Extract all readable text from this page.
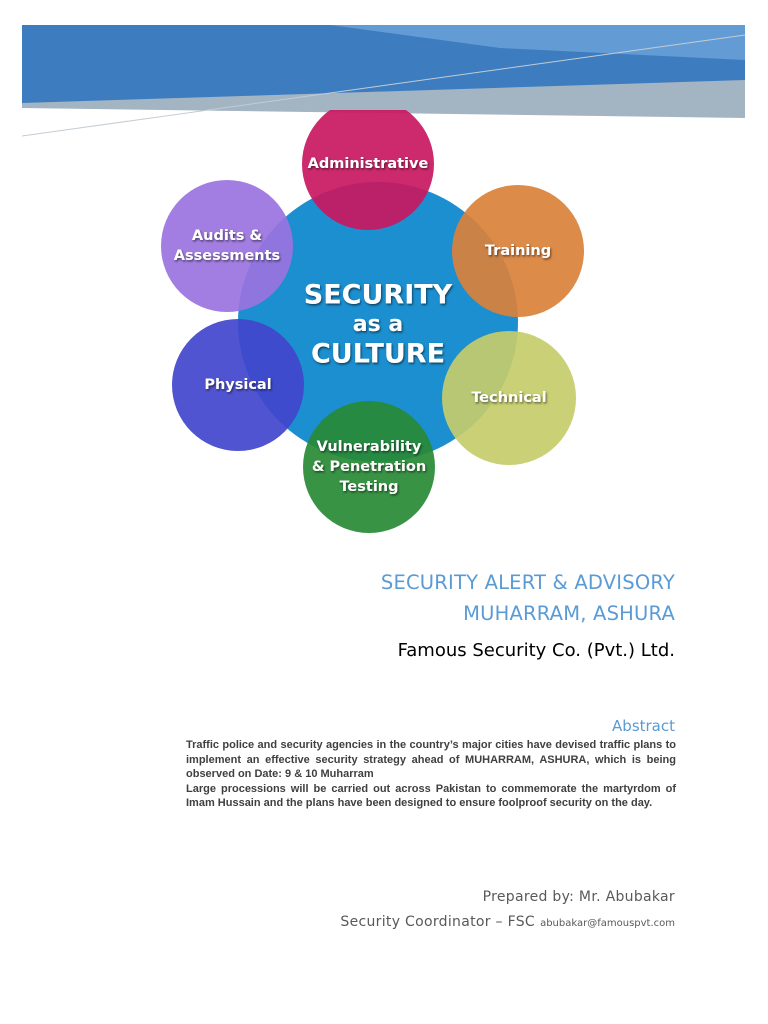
SECURITY
as a
CULTURE
Administrative
Training
Technical
Vulnerability
& Penetration
Testing
Physical
Audits &
Assessments
SECURITY ALERT & ADVISORY
MUHARRAM, ASHURA
Famous Security Co. (Pvt.) Ltd.
Abstract

Traffic police and security agencies in the country’s major cities have devised traffic plans to implement an effective security strategy ahead of MUHARRAM, ASHURA, which is being observed on Date: 9 & 10 Muharram

Large processions will be carried out across Pakistan to commemorate the martyrdom of Imam Hussain and the plans have been designed to ensure foolproof security on the day.

Prepared by: Mr. Abubakar
Security Coordinator – FSC abubakar@famouspvt.com
